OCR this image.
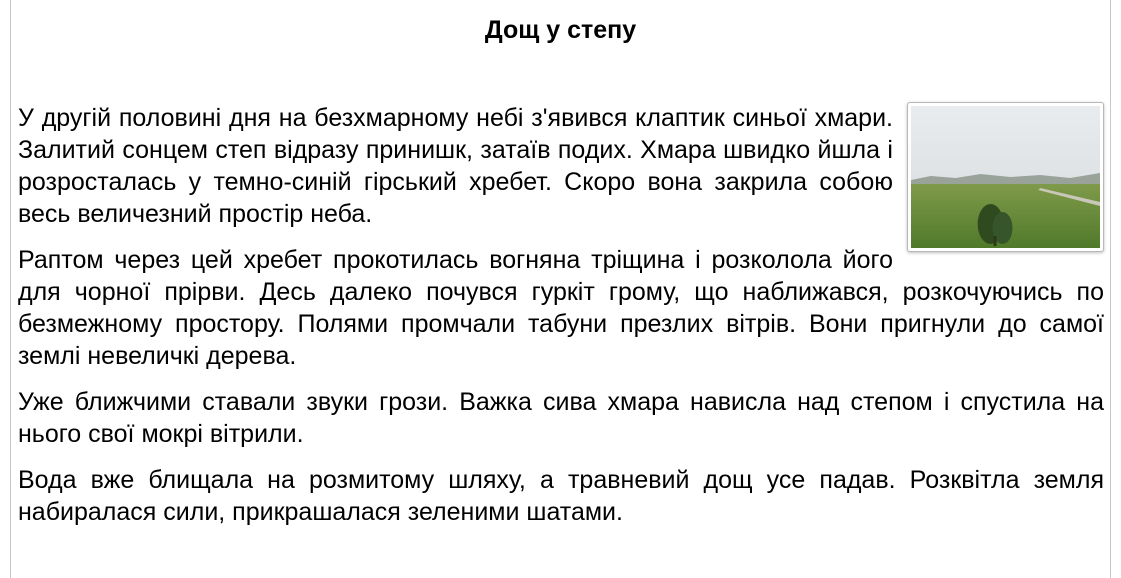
Дощ у степу

У другій половині дня на безхмарному небі з'явився клаптик синьої хмари. Залитий сонцем степ відразу принишк, затаїв подих. Хмара швидко йшла і розросталась у темно-синій гірський хребет. Скоро вона закрила собою весь величезний простір неба.

Раптом через цей хребет прокотилась вогняна тріщина і розколола його для чорної прірви. Десь далеко почувся гуркіт грому, що наближався, розкочуючись по безмежному простору. Полями промчали табуни презлих вітрів. Вони пригнули до самої землі невеличкі дерева.

Уже ближчими ставали звуки грози. Важка сива хмара нависла над степом і спустила на нього свої мокрі вітрили.

Вода вже блищала на розмитому шляху, а травневий дощ усе падав. Розквітла земля набиралася сили, прикрашалася зеленими шатами.
